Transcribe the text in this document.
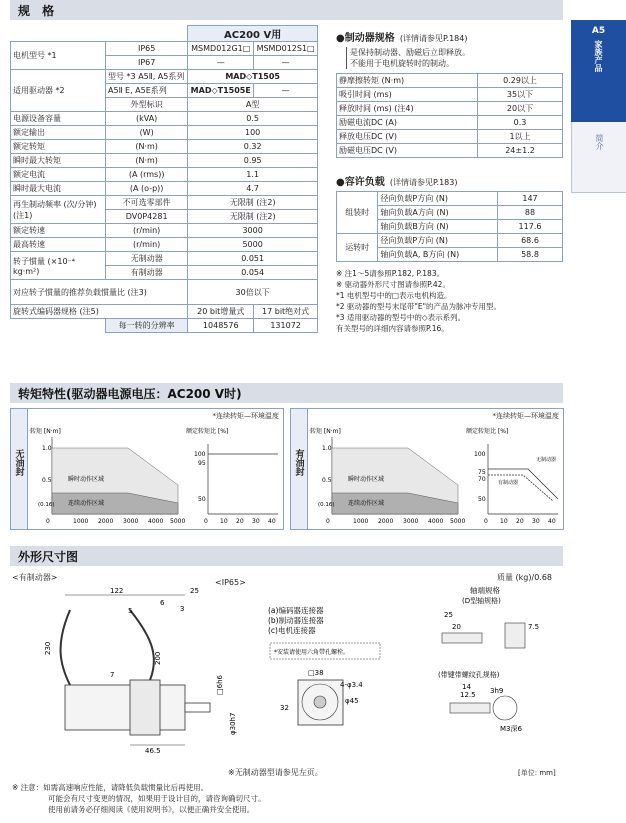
规 格
A5
家族产品
简介
		AC200 V用	
电机型号 *1	IP65	MSMD012G1□	MSMD012S1□
	IP67	—	—
适用驱动器 *2	型号 *3 A5Ⅱ, A5系列	MAD◇T1505	
	A5Ⅱ E, A5E系列	MAD◇T1505E	—
	外型标识	A型	
电源设备容量	(kVA)	0.5	
额定输出	(W)	100	
额定转矩	(N·m)	0.32	
瞬时最大转矩	(N·m)	0.95	
额定电流	(A (rms))	1.1	
瞬时最大电流	(A (o-p))	4.7	
再生制动频率 (次/分钟) (注1)	不可选零部件	无限制 (注2)	
	DV0P4281	无限制 (注2)	
额定转速	(r/min)	3000	
最高转速	(r/min)	5000	
转子惯量 (×10⁻⁴ kg·m²)	无制动器	0.051	
	有制动器	0.054	
对应转子惯量的推荐负载惯量比 (注3)		30倍以下	
旋转式编码器规格 (注5)		20 bit增量式	17 bit绝对式
	每一转的分辨率	1048576	131072
●制动器规格 (详情请参见P.184)
是保持制动器、励磁后立即释放。
不能用于电机旋转时的制动。
静摩擦转矩 (N·m)	0.29以上
吸引时间 (ms)	35以下
释放时间 (ms) (注4)	20以下
励磁电流DC (A)	0.3
释放电压DC (V)	1以上
励磁电压DC (V)	24±1.2
●容许负载 (详情请参见P.183)
组装时	径向负载P方向 (N)	147
	轴向负载A方向 (N)	88
	轴向负载B方向 (N)	117.6
运转时	径向负载P方向 (N)	68.6
	轴向负载A, B方向 (N)	58.8
※ 注1～5请参照P.182, P.183。
※ 驱动器外形尺寸图请参照P.42。
*1 电机型号中的□表示电机构造。
*2 驱动器的型号末尾带"E"的产品为脉冲专用型。
*3 适用驱动器的型号中的◇表示系列。
有关型号的详细内容请参照P.16。
转矩特性(驱动器电源电压：AC200 V时)
无油封
*连续转矩—环境温度
转矩 [N·m]
瞬时动作区域
连续动作区域
1.0
0.5
(0.16)
0	1000 2000 3000 4000 5000
额定转矩比 [%]
100
95
50
0 10 20 30 40
有油封
*连续转矩—环境温度
转矩 [N·m]
瞬时动作区域
连续动作区域
1.0
0.5
(0.16)
0	1000 2000 3000 4000 5000
额定转矩比 [%]
无制动器
有制动器
100
75
70
50
0 10 20 30 40
外形尺寸图
<有制动器>
<IP65>
质量 (kg)/0.68
122	25
6
3
5
230
200
7
46.5
□6h6
φ30h7
(a)编码器连接器
(b)制动器连接器
(c)电机连接器
*安装请使用六角带孔螺栓。
□38
4-φ3.4
φ45
32
轴端规格
(D型轴规格)
25
20	7.5
(带键带螺纹孔规格)
14
12.5 3h9
M3深6
※无制动器型请参见左页。	[单位: mm]
※ 注意：如需高速响应性能，请降低负载惯量比后再使用。
可能会有尺寸变更的情况，如果用于设计目的，请咨询确切尺寸。
使用前请务必仔细阅读《使用说明书》，以便正确并安全使用。
